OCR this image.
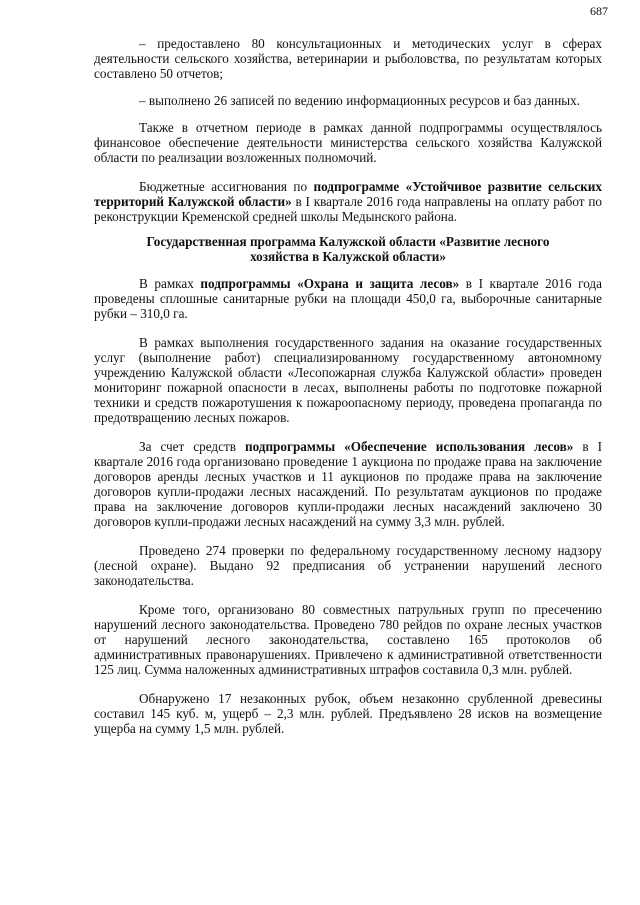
687

– предоставлено 80 консультационных и методических услуг в сферах деятельности сельского хозяйства, ветеринарии и рыболовства, по результатам которых составлено 50 отчетов;

– выполнено 26 записей по ведению информационных ресурсов и баз данных.

Также в отчетном периоде в рамках данной подпрограммы осуществлялось финансовое обеспечение деятельности министерства сельского хозяйства Калужской области по реализации возложенных полномочий.

Бюджетные ассигнования по подпрограмме «Устойчивое развитие сельских территорий Калужской области» в I квартале 2016 года направлены на оплату работ по реконструкции Кременской средней школы Медынского района.

Государственная программа Калужской области «Развитие лесного хозяйства в Калужской области»

В рамках подпрограммы «Охрана и защита лесов» в I квартале 2016 года проведены сплошные санитарные рубки на площади 450,0 га, выборочные санитарные рубки – 310,0 га.

В рамках выполнения государственного задания на оказание государственных услуг (выполнение работ) специализированному государственному автономному учреждению Калужской области «Лесопожарная служба Калужской области» проведен мониторинг пожарной опасности в лесах, выполнены работы по подготовке пожарной техники и средств пожаротушения к пожароопасному периоду, проведена пропаганда по предотвращению лесных пожаров.

За счет средств подпрограммы «Обеспечение использования лесов» в I квартале 2016 года организовано проведение 1 аукциона по продаже права на заключение договоров аренды лесных участков и 11 аукционов по продаже права на заключение договоров купли-продажи лесных насаждений. По результатам аукционов по продаже права на заключение договоров купли-продажи лесных насаждений заключено 30 договоров купли-продажи лесных насаждений на сумму 3,3 млн. рублей.

Проведено 274 проверки по федеральному государственному лесному надзору (лесной охране). Выдано 92 предписания об устранении нарушений лесного законодательства.

Кроме того, организовано 80 совместных патрульных групп по пресечению нарушений лесного законодательства. Проведено 780 рейдов по охране лесных участков от нарушений лесного законодательства, составлено 165 протоколов об административных правонарушениях. Привлечено к административной ответственности 125 лиц. Сумма наложенных административных штрафов составила 0,3 млн. рублей.

Обнаружено 17 незаконных рубок, объем незаконно срубленной древесины составил 145 куб. м, ущерб – 2,3 млн. рублей. Предъявлено 28 исков на возмещение ущерба на сумму 1,5 млн. рублей.
